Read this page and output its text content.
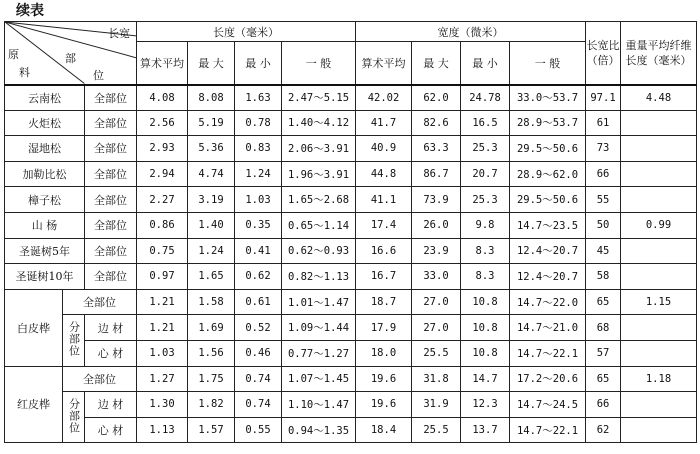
续表
长宽
部
位
原
料			长度（毫米）				宽度（微米）				长宽比（倍）	重量平均纤维长度（毫米）
			算术平均	最 大	最 小	一 般	算术平均	最 大	最 小	一 般		
云南松		全部位	4.08	8.08	1.63	2.47～5.15	42.02	62.0	24.78	33.0～53.7	97.1	4.48
火炬松		全部位	2.56	5.19	0.78	1.40～4.12	41.7	82.6	16.5	28.9～53.7	61	
湿地松		全部位	2.93	5.36	0.83	2.06～3.91	40.9	63.3	25.3	29.5～50.6	73	
加勒比松		全部位	2.94	4.74	1.24	1.96～3.91	44.8	86.7	20.7	28.9～62.0	66	
樟子松		全部位	2.27	3.19	1.03	1.65～2.68	41.1	73.9	25.3	29.5～50.6	55	
山 杨		全部位	0.86	1.40	0.35	0.65～1.14	17.4	26.0	9.8	14.7～23.5	50	0.99
圣诞树5年		全部位	0.75	1.24	0.41	0.62～0.93	16.6	23.9	8.3	12.4～20.7	45	
圣诞树10年		全部位	0.97	1.65	0.62	0.82～1.13	16.7	33.0	8.3	12.4～20.7	58	
白皮桦	全部位		1.21	1.58	0.61	1.01～1.47	18.7	27.0	10.8	14.7～22.0	65	1.15
	分部位	边 材	1.21	1.69	0.52	1.09～1.44	17.9	27.0	10.8	14.7～21.0	68	
		心 材	1.03	1.56	0.46	0.77～1.27	18.0	25.5	10.8	14.7～22.1	57	
红皮桦	全部位		1.27	1.75	0.74	1.07～1.45	19.6	31.8	14.7	17.2～20.6	65	1.18
	分部位	边 材	1.30	1.82	0.74	1.10～1.47	19.6	31.9	12.3	14.7～24.5	66	
		心 材	1.13	1.57	0.55	0.94～1.35	18.4	25.5	13.7	14.7～22.1	62	
